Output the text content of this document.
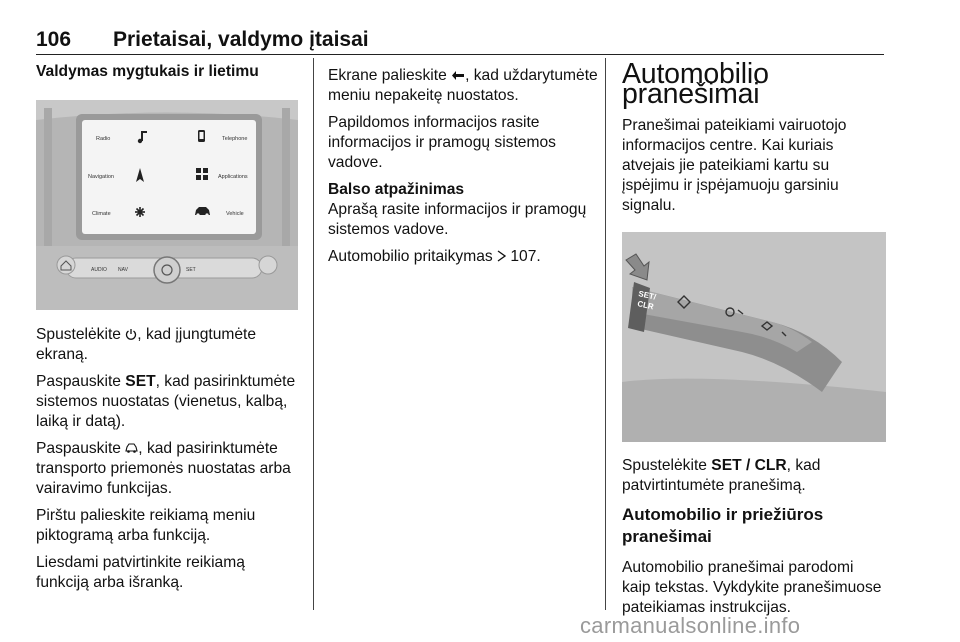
106 Prietaisai, valdymo įtaisai
Valdymas mygtukais ir lietimu
Radio	Telephone
Navigation	Applications
Climate	Vehicle
AUDIO NAV	SET

Spustelėkite , kad įjungtumėte ekraną.

Paspauskite SET, kad pasirinktumėte sistemos nuostatas (vienetus, kalbą, laiką ir datą).

Paspauskite , kad pasirinktumėte transporto priemonės nuostatas arba vairavimo funkcijas.

Pirštu palieskite reikiamą meniu piktogramą arba funkciją.

Liesdami patvirtinkite reikiamą funkciją arba išranką.

Ekrane palieskite , kad uždarytumėte meniu nepakeitę nuostatos.

Papildomos informacijos rasite informacijos ir pramogų sistemos vadove.

Balso atpažinimas

Aprašą rasite informacijos ir pramogų sistemos vadove.

Automobilio pritaikymas  107.

Automobilio pranešimai

Pranešimai pateikiami vairuotojo informacijos centre. Kai kuriais atvejais jie pateikiami kartu su įspėjimu ir įspėjamuoju garsiniu signalu.

SET/
CLR

Spustelėkite SET / CLR, kad patvirtintumėte pranešimą.

Automobilio ir priežiūros pranešimai

Automobilio pranešimai parodomi kaip tekstas. Vykdykite pranešimuose pateikiamas instrukcijas.

carmanualsonline.info
